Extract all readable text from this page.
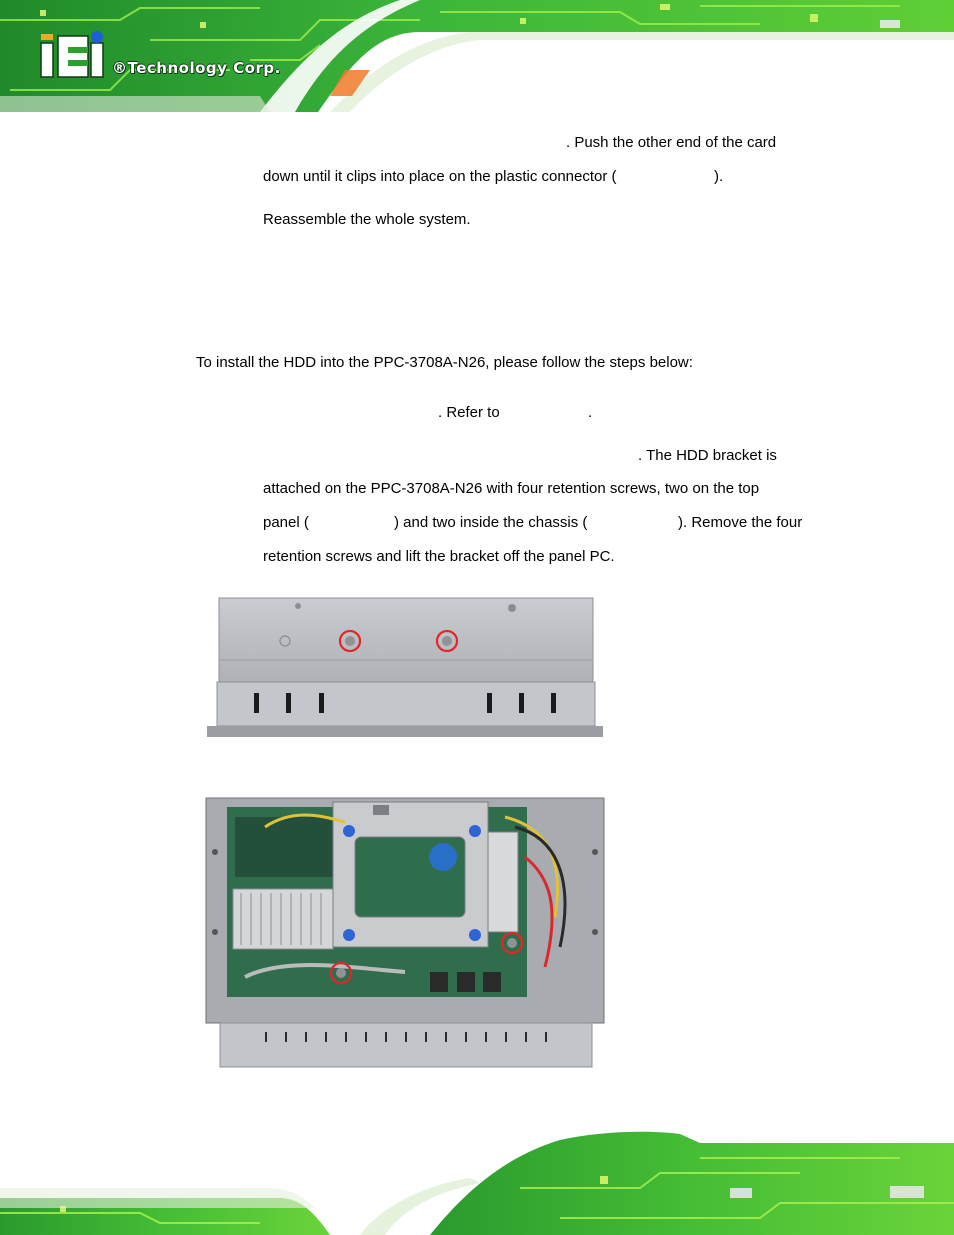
®Technology Corp.
. Push the other end of the card
down until it clips into place on the plastic connector (	).
Reassemble the whole system.
To install the HDD into the PPC-3708A-N26, please follow the steps below:
. Refer to	.
. The HDD bracket is
attached on the PPC-3708A-N26 with four retention screws, two on the top
panel (	) and two inside the chassis (	). Remove the four
retention screws and lift the bracket off the panel PC.
